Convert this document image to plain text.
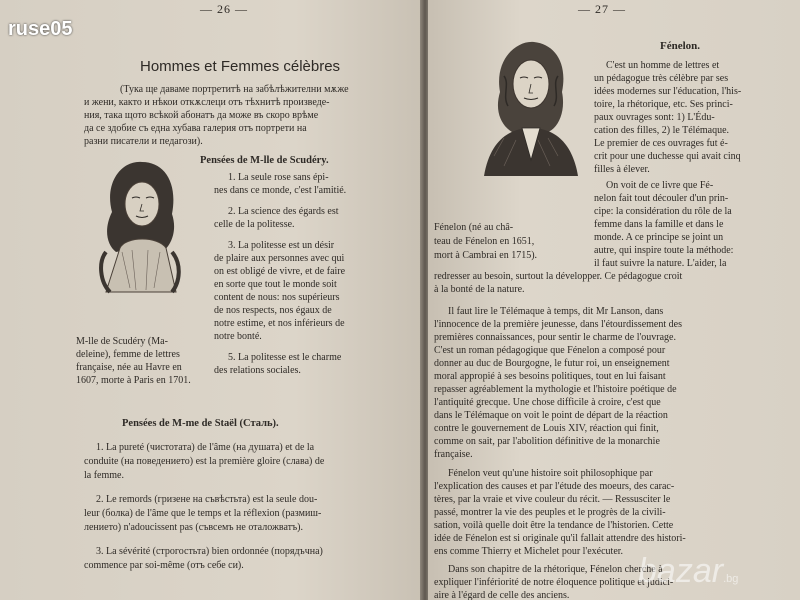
— 26 —
Hommes et Femmes célèbres
(Тука ще даваме портретитѣ на забѣлѣжителни мѫже
и жени, както и нѣкои откѫслеци отъ тѣхнитѣ произведе-
ния, така щото всѣкой абонатъ да може въ скоро врѣме
да се здобие съ една хубава галерия отъ портрети на
разни писатели и педагози).
Pensées de M-lle de Scudéry.
M-lle de Scudéry (Ma-
deleine), femme de lettres
française, née au Havre en
1607, morte à Paris en 1701.
1. La seule rose sans épi-
nes dans ce monde, c'est l'amitié.
2. La science des égards est
celle de la politesse.
3. La politesse est un désir
de plaire aux personnes avec qui
on est obligé de vivre, et de faire
en sorte que tout le monde soit
content de nous: nos supérieurs
de nos respects, nos égaux de
notre estime, et nos inférieurs de
notre bonté.
5. La politesse est le charme
des relations sociales.
Pensées de M-me de Staël (Сталь).
1. La pureté (чистотата) de l'âme (на душата) et de la
conduite (на поведението) est la première gloire (слава) de
la femme.
2. Le remords (гризене на съвѣстьта) est la seule dou-
leur (болка) de l'âme que le temps et la réflexion (размиш-
лението) n'adoucissent pas (съвсемъ не оталожватъ).
3. La sévérité (строгостьта) bien ordonnée (порядъчна)
commence par soi-même (отъ себе си).
— 27 —
Fénelon.
Fénelon (né au châ-
teau de Fénelon en 1651,
mort à Cambrai en 1715).
C'est un homme de lettres et
un pédagogue très célèbre par ses
idées modernes sur l'éducation, l'his-
toire, la rhétorique, etc. Ses princi-
paux ouvrages sont: 1) L'Édu-
cation des filles, 2) le Télémaque.
Le premier de ces ouvrages fut é-
crit pour une duchesse qui avait cinq
filles à élever.
On voit de ce livre que Fé-
nelon fait tout découler d'un prin-
cipe: la considération du rôle de la
femme dans la famille et dans le
monde. A ce principe se joint un
autre, qui inspire toute la méthode:
il faut suivre la nature. L'aider, la
redresser au besoin, surtout la développer. Ce pédagogue croit
à la bonté de la nature.
Il faut lire le Télémaque à temps, dit Mr Lanson, dans
l'innocence de la première jeunesse, dans l'étourdissement des
premières connaissances, pour sentir le charme de l'ouvrage.
C'est un roman pédagogique que Fénelon a composé pour
donner au duc de Bourgogne, le futur roi, un enseignement
moral appropié à ses besoins politiques, tout en lui faisant
repasser agréablement la mythologie et l'histoire poétique de
l'antiquité grecque. Une chose difficile à croire, c'est que
dans le Télémaque on voit le point de départ de la réaction
contre le gouvernement de Louis XIV, réaction qui finit,
comme on sait, par l'abolition définitive de la monarchie
française.
Fénelon veut qu'une histoire soit philosophique par
l'explication des causes et par l'étude des moeurs, des carac-
tères, par la vraie et vive couleur du récit. — Ressusciter le
passé, montrer la vie des peuples et le progrès de la civili-
sation, voilà quelle doit être la tendance de l'historien. Cette
idée de Fénelon est si originale qu'il fallait attendre des histori-
ens comme Thierry et Michelet pour l'exécuter.
Dans son chapitre de la rhétorique, Fénelon cherche à
expliquer l'infériorité de notre éloquence politique et judici-
aire à l'égard de celle des anciens.
ruse05
bazar.bg
